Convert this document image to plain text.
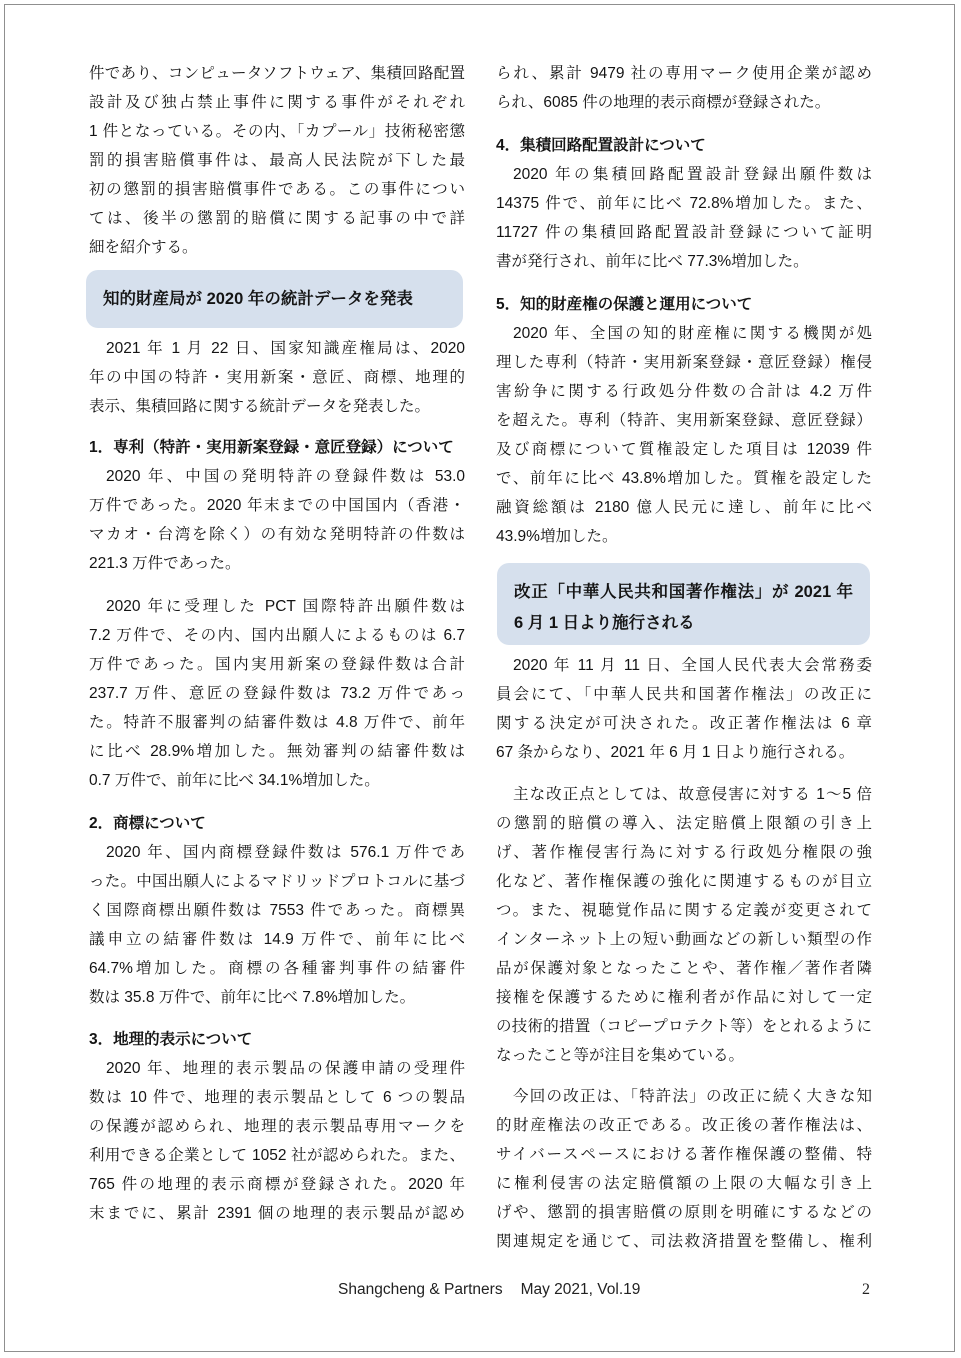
件であり、コンピュータソフトウェア、集積回路配置
設計及び独占禁止事件に関する事件がそれぞれ
1 件となっている。その内、「カプール」技術秘密懲
罰的損害賠償事件は、最高人民法院が下した最
初の懲罰的損害賠償事件である。この事件につい
ては、後半の懲罰的賠償に関する記事の中で詳
細を紹介する。
知的財産局が 2020 年の統計データを発表
2021 年 1 月 22 日、国家知識産権局は、2020
年の中国の特許・実用新案・意匠、商標、地理的
表示、集積回路に関する統計データを発表した。
1．専利（特許・実用新案登録・意匠登録）について
2020 年、中国の発明特許の登録件数は 53.0
万件であった。2020 年末までの中国国内（香港・
マカオ・台湾を除く）の有効な発明特許の件数は
221.3 万件であった。
2020 年に受理した PCT 国際特許出願件数は
7.2 万件で、その内、国内出願人によるものは 6.7
万件であった。国内実用新案の登録件数は合計
237.7 万件、意匠の登録件数は 73.2 万件であっ
た。特許不服審判の結審件数は 4.8 万件で、前年
に比べ 28.9%増加した。無効審判の結審件数は
0.7 万件で、前年に比べ 34.1%増加した。
2．商標について
2020 年、国内商標登録件数は 576.1 万件であ
った。中国出願人によるマドリッドプロトコルに基づ
く国際商標出願件数は 7553 件であった。商標異
議申立の結審件数は 14.9 万件で、前年に比べ
64.7%増加した。商標の各種審判事件の結審件
数は 35.8 万件で、前年に比べ 7.8%増加した。
3．地理的表示について
2020 年、地理的表示製品の保護申請の受理件
数は 10 件で、地理的表示製品として 6 つの製品
の保護が認められ、地理的表示製品専用マークを
利用できる企業として 1052 社が認められた。また、
765 件の地理的表示商標が登録された。2020 年
末までに、累計 2391 個の地理的表示製品が認め
られ、累計 9479 社の専用マーク使用企業が認め
られ、6085 件の地理的表示商標が登録された。
4．集積回路配置設計について
2020 年の集積回路配置設計登録出願件数は
14375 件で、前年に比べ 72.8%増加した。また、
11727 件の集積回路配置設計登録について証明
書が発行され、前年に比べ 77.3%増加した。
5．知的財産権の保護と運用について
2020 年、全国の知的財産権に関する機関が処
理した専利（特許・実用新案登録・意匠登録）権侵
害紛争に関する行政処分件数の合計は 4.2 万件
を超えた。専利（特許、実用新案登録、意匠登録）
及び商標について質権設定した項目は 12039 件
で、前年に比べ 43.8%増加した。質権を設定した
融資総額は 2180 億人民元に達し、前年に比べ
43.9%増加した。
改正「中華人民共和国著作権法」が 2021 年
6 月 1 日より施行される
2020 年 11 月 11 日、全国人民代表大会常務委
員会にて、「中華人民共和国著作権法」の改正に
関する決定が可決された。改正著作権法は 6 章
67 条からなり、2021 年 6 月 1 日より施行される。
主な改正点としては、故意侵害に対する 1～5 倍
の懲罰的賠償の導入、法定賠償上限額の引き上
げ、著作権侵害行為に対する行政処分権限の強
化など、著作権保護の強化に関連するものが目立
つ。また、視聴覚作品に関する定義が変更されて
インターネット上の短い動画などの新しい類型の作
品が保護対象となったことや、著作権／著作者隣
接権を保護するために権利者が作品に対して一定
の技術的措置（コピープロテクト等）をとれるように
なったこと等が注目を集めている。
今回の改正は、「特許法」の改正に続く大きな知
的財産権法の改正である。改正後の著作権法は、
サイバースペースにおける著作権保護の整備、特
に権利侵害の法定賠償額の上限の大幅な引き上
げや、懲罰的損害賠償の原則を明確にするなどの
関連規定を通じて、司法救済措置を整備し、権利
Shangcheng & Partners May 2021, Vol.19	2
